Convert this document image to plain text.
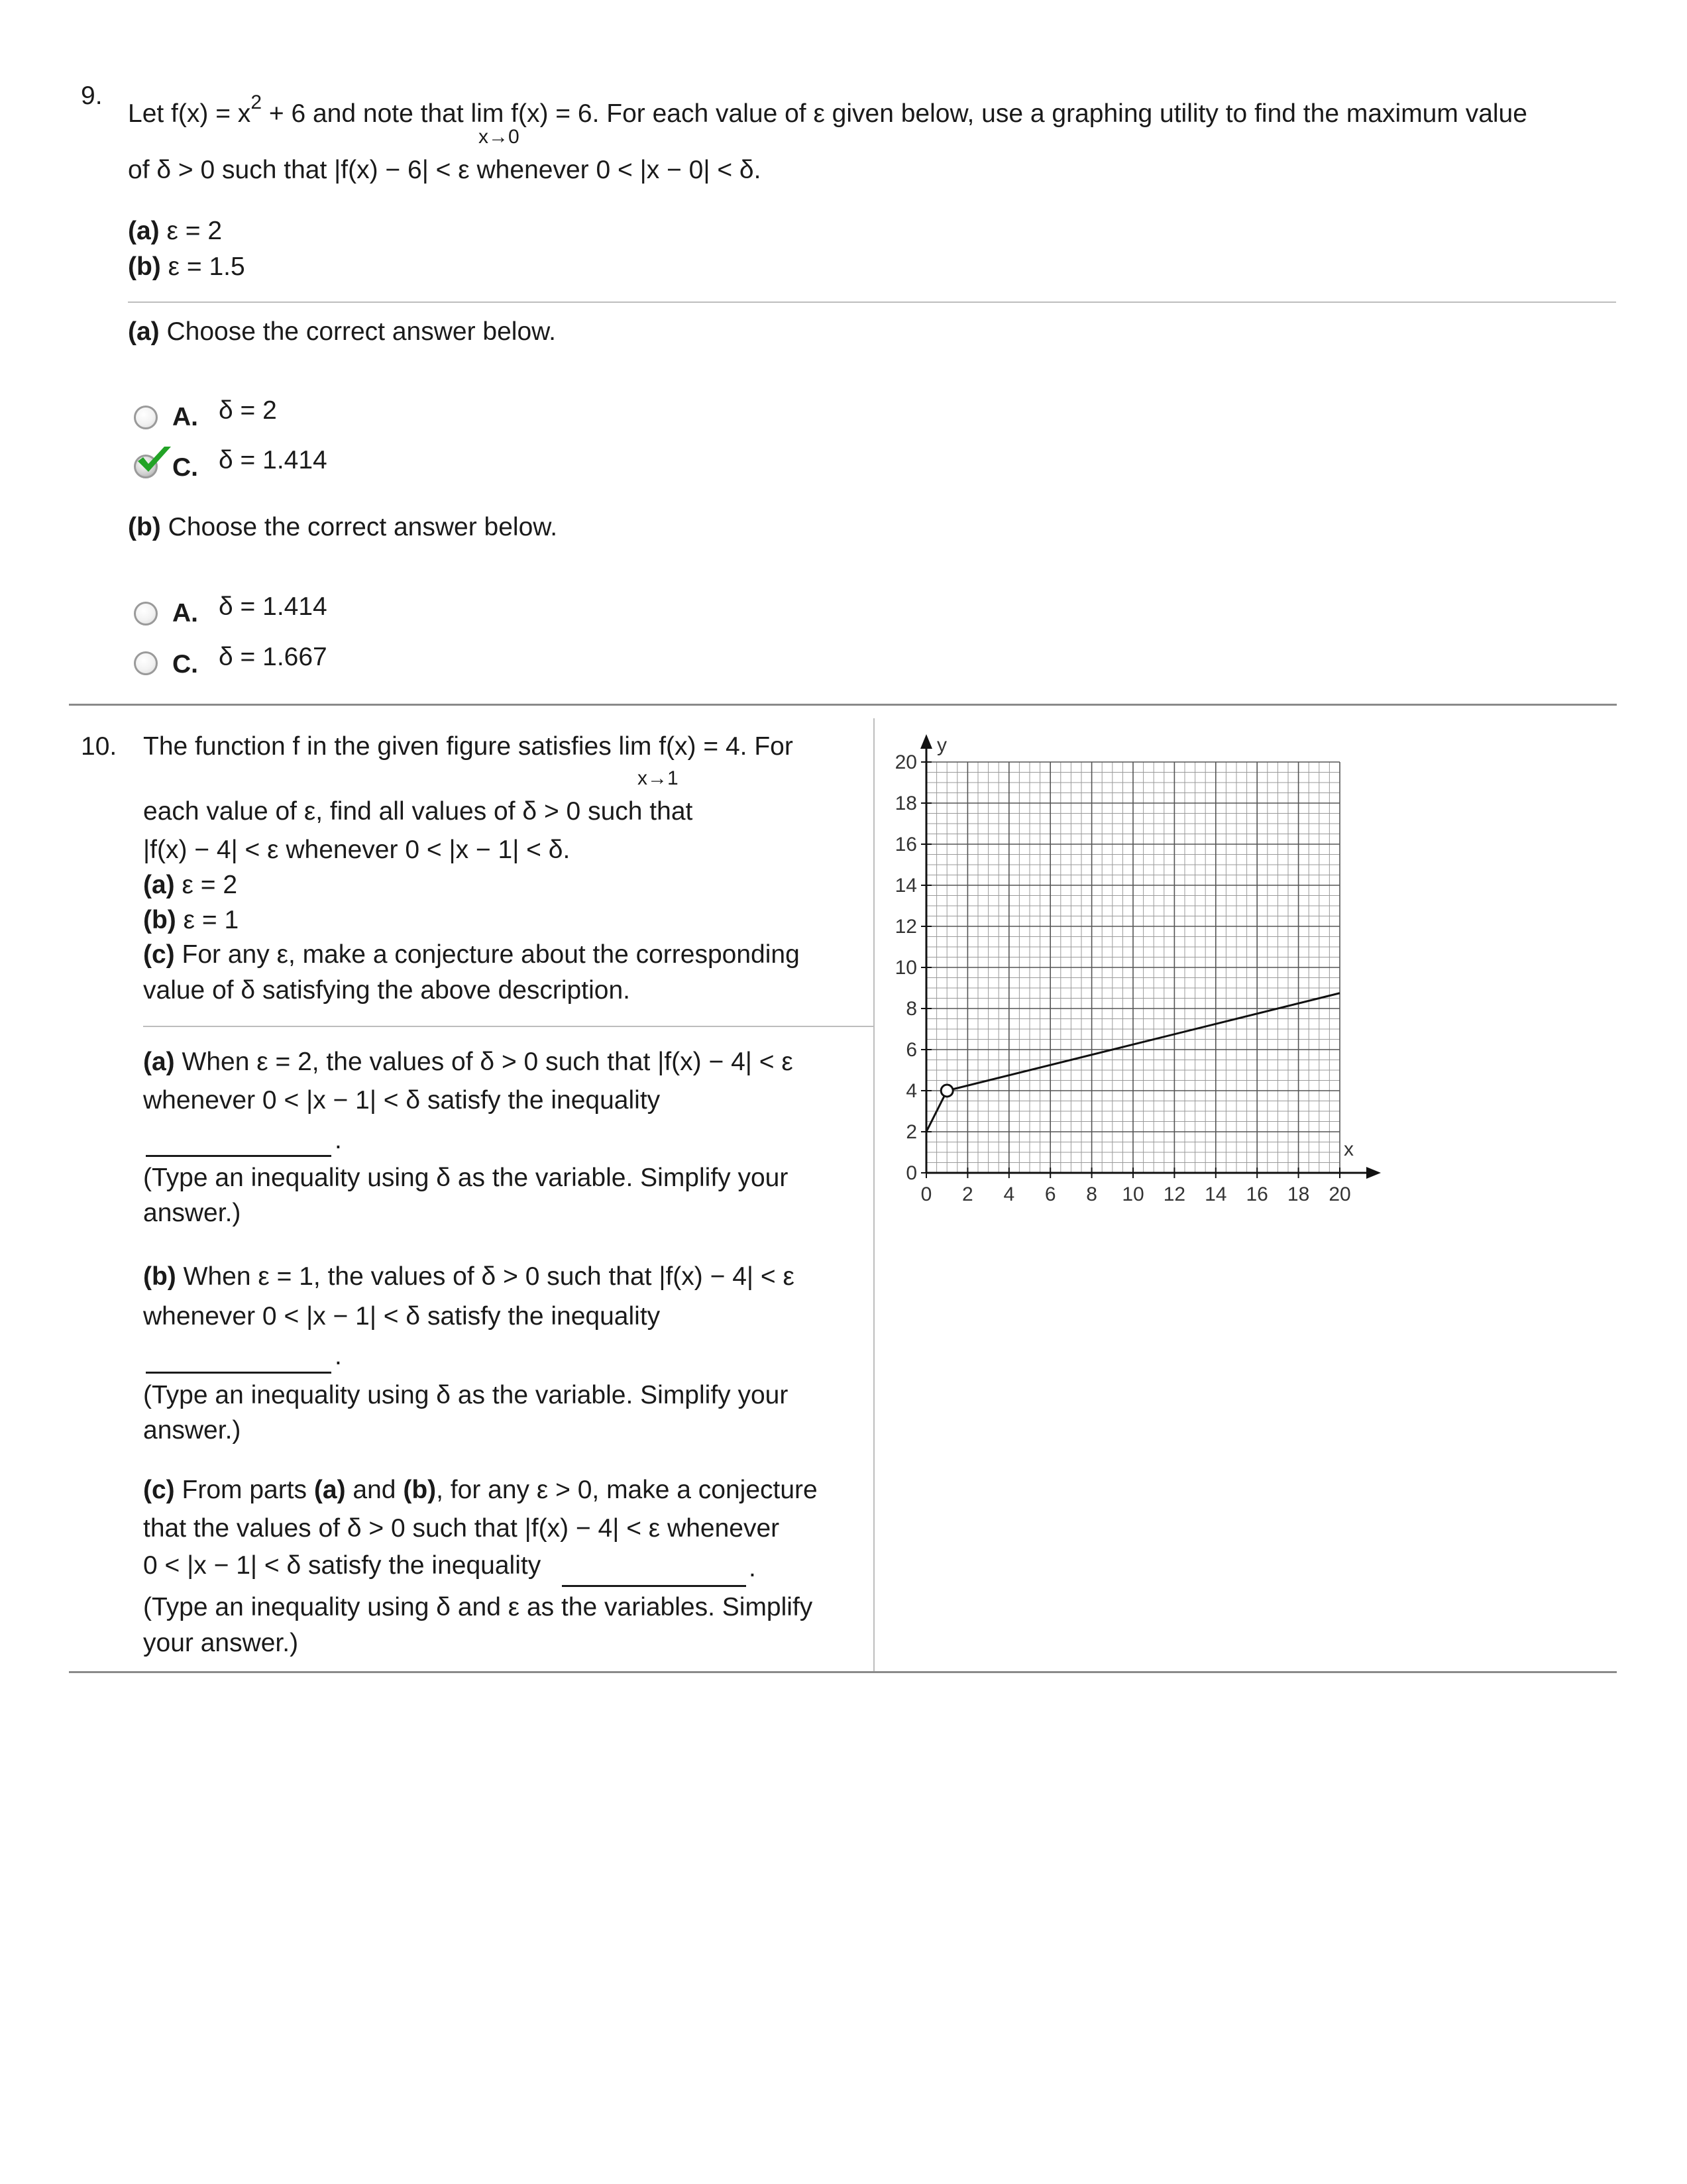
9.
Let $f(x) = x^2 + 6$ and note that lim f(x) = 6. For each value of ε given below, use a graphing utility to find the maximum value
x→0
of δ > 0 such that |f(x) − 6| < ε whenever 0 < |x − 0| < δ.
(a) ε = 2
(b) ε = 1.5
(a) Choose the correct answer below.
A. δ = 2
C. δ = 1.414
(b) Choose the correct answer below.
A. δ = 1.414
C. δ = 1.667
10. The function f in the given figure satisfies lim f(x) = 4. For
x→1
each value of ε, find all values of δ > 0 such that
|f(x) − 4| < ε whenever 0 < |x − 1| < δ.
(a) ε = 2
(b) ε = 1
(c) For any ε, make a conjecture about the corresponding
value of δ satisfying the above description.
(a) When ε = 2, the values of δ > 0 such that |f(x) − 4| < ε
whenever 0 < |x − 1| < δ satisfy the inequality
.
(Type an inequality using δ as the variable. Simplify your
answer.)
(b) When ε = 1, the values of δ > 0 such that |f(x) − 4| < ε
whenever 0 < |x − 1| < δ satisfy the inequality
.
(Type an inequality using δ as the variable. Simplify your
answer.)
(c) From parts (a) and (b), for any ε > 0, make a conjecture
that the values of δ > 0 such that |f(x) − 4| < ε whenever
0 < |x − 1| < δ satisfy the inequality	.
(Type an inequality using δ and ε as the variables. Simplify
your answer.)
0 2 4 6 8 10 12 14 16 18 20
0
2
4
6
8
10
12
14
16
18
20
x
y
